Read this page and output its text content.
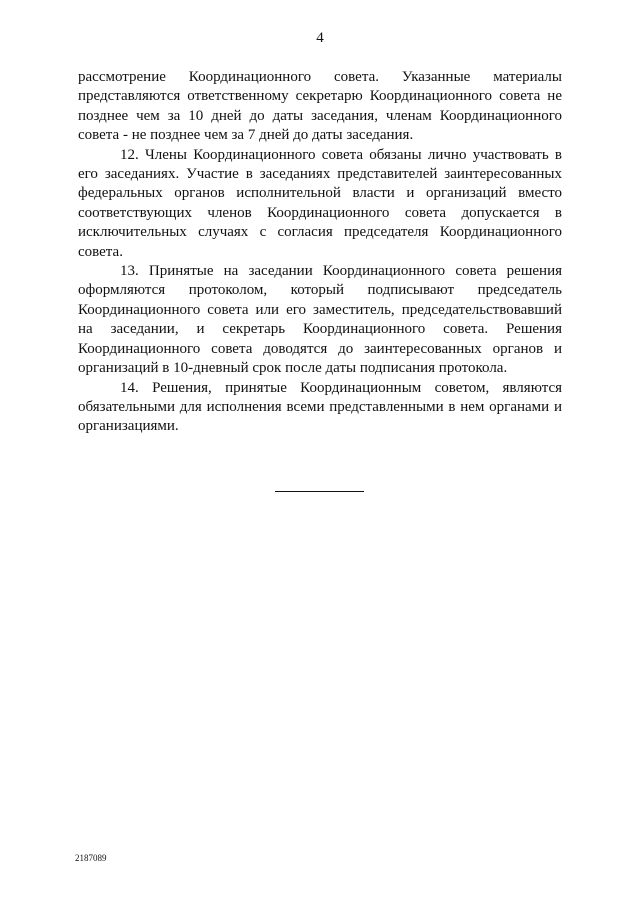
4

рассмотрение Координационного совета. Указанные материалы представляются ответственному секретарю Координационного совета не позднее чем за 10 дней до даты заседания, членам Координационного совета - не позднее чем за 7 дней до даты заседания.

12. Члены Координационного совета обязаны лично участвовать в его заседаниях. Участие в заседаниях представителей заинтересованных федеральных органов исполнительной власти и организаций вместо соответствующих членов Координационного совета допускается в исключительных случаях с согласия председателя Координационного совета.

13. Принятые на заседании Координационного совета решения оформляются протоколом, который подписывают председатель Координационного совета или его заместитель, председательствовавший на заседании, и секретарь Координационного совета. Решения Координационного совета доводятся до заинтересованных органов и организаций в 10-дневный срок после даты подписания протокола.

14. Решения, принятые Координационным советом, являются обязательными для исполнения всеми представленными в нем органами и организациями.

2187089
